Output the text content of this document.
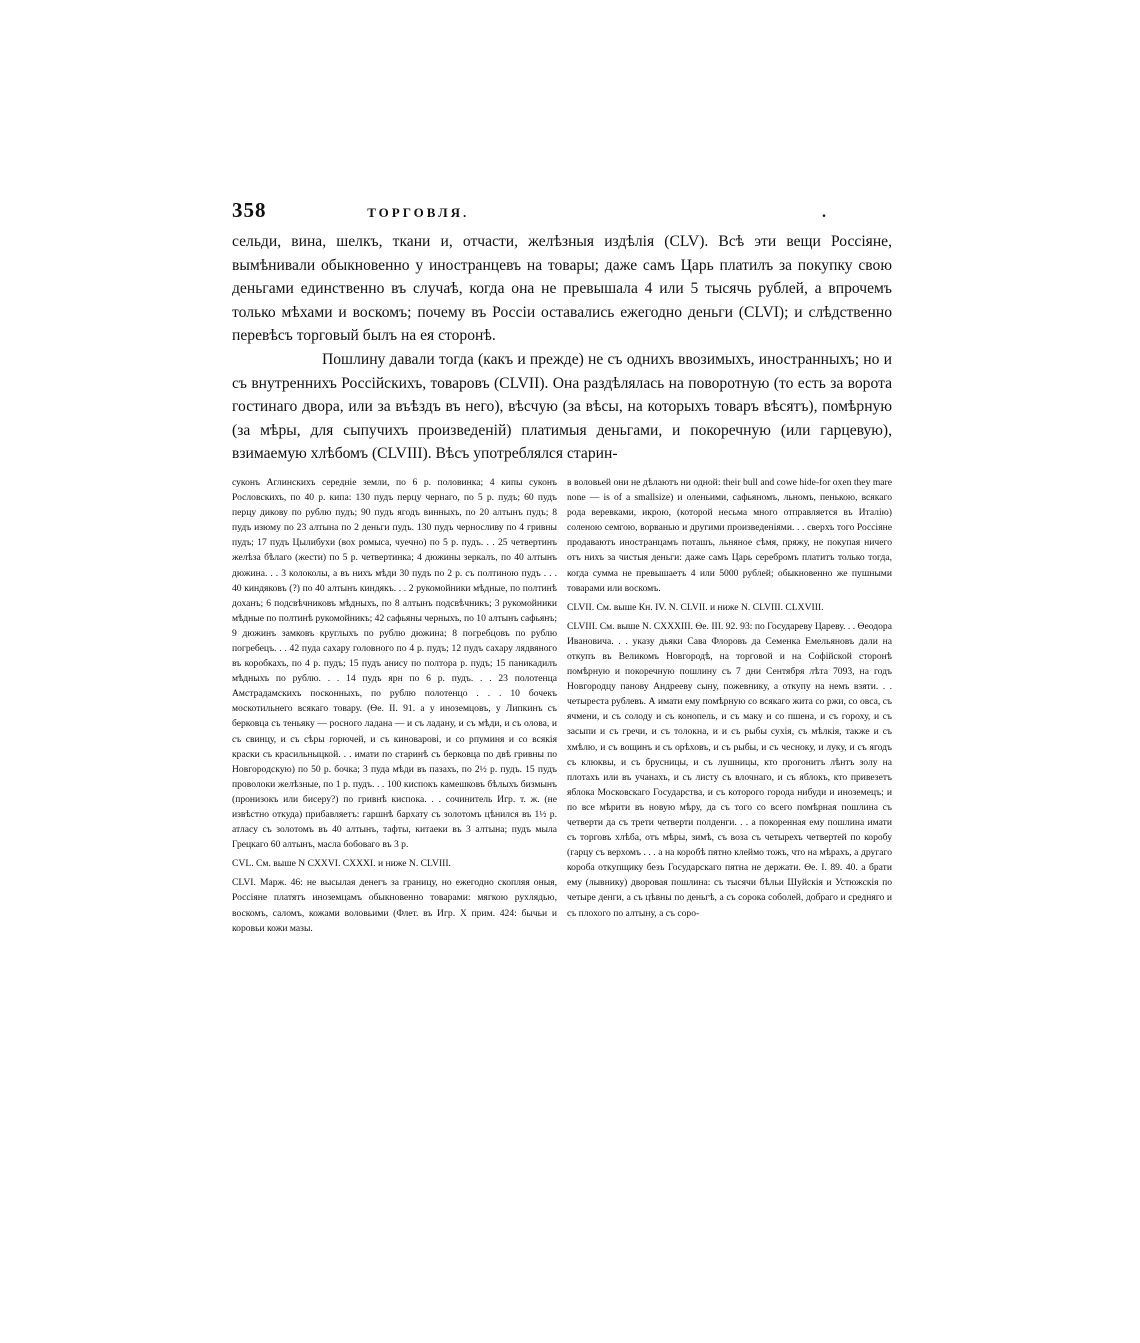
358	ТОРГОВЛЯ.	.

сельди, вина, шелкъ, ткани и, отчасти, желѣзныя издѣлія (CLV). Всѣ эти вещи Россіяне, вымѣнивали обыкновенно у иностранцевъ на товары; даже самъ Царь платилъ за покупку свою деньгами единственно въ случаѣ, когда она не превышала 4 или 5 тысячь рублей, а впрочемъ только мѣхами и воскомъ; почему въ Россіи оставались ежегодно деньги (CLVI); и слѣдственно перевѣсъ торговый былъ на ея сторонѣ.

Пошлину давали тогда (какъ и прежде) не съ однихъ ввозимыхъ, иностранныхъ; но и съ внутреннихъ Россійскихъ, товаровъ (CLVII). Она раздѣлялась на поворотную (то есть за ворота гостинаго двора, или за въѣздъ въ него), вѣсчую (за вѣсы, на которыхъ товаръ вѣсятъ), помѣрную (за мѣры, для сыпучихъ произведеній) платимыя деньгами, и покоречную (или гарцевую), взимаемую хлѣбомъ (CLVIII). Вѣсъ употреблялся старин-

суконъ Аглинскихъ середніе земли, по 6 р. половинка; 4 кипы суконъ Рословскихъ, по 40 р. кипа: 130 пудъ перцу чернаго, по 5 р. пудъ; 60 пудъ перцу дикову по рублю пудъ; 90 пудъ ягодъ винныхъ, по 20 алтынъ пудъ; 8 пудъ изюму по 23 алтына по 2 деньги пудъ. 130 пудъ черносливу по 4 гривны пудъ; 17 пудъ Цылибухи (вох ромыса, чуечно) по 5 р. пудъ. . . 25 четвертинъ желѣза бѣлаго (жести) по 5 р. четвертинка; 4 дюжины зеркалъ, по 40 алтынъ дюжина. . . 3 колоколы, а въ нихъ мѣди 30 пудъ по 2 р. съ полтиною пудъ . . . 40 киндяковъ (?) по 40 алтынъ киндякъ. . . 2 рукомойники мѣдные, по полтинѣ доханъ; 6 подсвѣчниковъ мѣдныхъ, по 8 алтынъ подсвѣчникъ; 3 рукомойники мѣдные по полтинѣ рукомойникъ; 42 сафьяны черныхъ, по 10 алтынъ сафьянъ; 9 дюжинъ замковъ круглыхъ по рублю дюжина; 8 погребцовъ по рублю погребецъ. . . 42 пуда сахару головного по 4 р. пудъ; 12 пудъ сахару лядвяного въ коробкахъ, по 4 р. пудъ; 15 пудъ анису по полтора р. пудъ; 15 паникадилъ мѣдныхъ по рублю. . . 14 пудъ ярн по 6 р. пудъ. . . 23 полотенца Амстрадамскихъ посконныхъ, по рублю полотенцо . . . 10 бочекъ москотильнего всякаго товару. (Ѳе. II. 91. а у иноземцовъ, у Липкинъ съ берковца съ теньяку — росного ладана — и съ ладану, и съ мѣди, и съ олова, и съ свинцу, и съ сѣры горючей, и съ киноварові, и со рпуминя и со всякія краски съ красильныцкой. . . имати по старинѣ съ берковца по двѣ гривны по Новгородскую) по 50 р. бочка; 3 пуда мѣди въ пазахъ, по 2½ р. пудъ. 15 пудъ проволоки желѣзные, по 1 р. пудъ. . . 100 киспокъ камешковъ бѣлыхъ бизмынъ (пронизокъ или бисеру?) по гривнѣ киспока. . . сочинитель Игр. т. ж. (не извѣстно откуда) прибавляетъ: гаршнѣ бархату съ золотомъ цѣнился въ 1½ р. атласу съ золотомъ въ 40 алтынъ, тафты, китаеки въ 3 алтына; пудъ мыла Грецкаго 60 алтынъ, масла бобоваго въ 3 р.

CVL. См. выше N CXXVI. CXXXI. и ниже N. CLVIII.

CLVI. Марж. 46: не высылая денегъ за границу, но ежегодно скопляя оныя, Россіяне платятъ иноземцамъ обыкновенно товарами: мягкою рухлядью, воскомъ, саломъ, кожами воловьими (Флет. въ Игр. X прим. 424: бычьи и коровьи кожи мазы.

в воловьей они не дѣлаютъ ни одной: their bull and cowe hide-for oxen they mare none — is of a smallsize) и оленьими, сафьяномъ, льномъ, пенькою, всякаго рода веревками, икрою, (которой несьма много отправляется въ Италію) соленою семгою, ворванью и другими произведеніями. . . сверхъ того Россіяне продаваютъ иностранцамъ поташъ, льняное сѣмя, пряжу, не покупая ничего отъ нихъ за чистыя деньги: даже самъ Царь серебромъ платитъ только тогда, когда сумма не превышаетъ 4 или 5000 рублей; обыкновенно же пушными товарами или воскомъ.

CLVII. См. выше Кн. IV. N. CLVII. и ниже N. CLVIII. CLXVIII.

CLVIII. См. выше N. CXXXIII. Ѳе. III. 92. 93: по Государеву Цареву. . . Ѳеодора Ивановича. . . указу дьяки Сава Флоровъ да Семенка Емельяновъ дали на откупъ въ Великомъ Новгородѣ, на торговой и на Софійской сторонѣ помѣрную и покоречную пошлину съ 7 дни Сентября лѣта 7093, на годъ Новгородцу панову Андрееву сыну, пожевнику, а откупу на немъ взяти. . . четыреста рублевъ. А имати ему помѣрную со всякаго жита со ржи, со овса, съ ячмени, и съ солоду и съ конопель, и съ маку и со пшена, и съ гороху, и съ засыпи и съ гречи, и съ толокна, и и съ рыбы сухія, съ мѣлкія, также и съ хмѣлю, и съ вощинъ и съ орѣховъ, и съ рыбы, и съ чесноку, и луку, и съ ягодъ съ клюквы, и съ брусницы, и съ лушницы, кто прогонитъ лѣнтъ золу на плотахъ или въ учанахъ, и съ листу съ влочнаго, и съ яблокъ, кто привезетъ яблока Московскаго Государства, и съ которого города нибуди и иноземецъ; и по все мѣрити въ новую мѣру, да съ того со всего помѣрная пошлина съ четверти да съ трети четверти полденги. . . а покоренная ему пошлина имати съ торговъ хлѣба, отъ мѣры, зимѣ, съ воза съ четырехъ четвертей по коробу (гарцу съ верхомъ . . . а на коробѣ пятно клеймо тожъ, что на мѣрахъ, а другаго короба откупщику безъ Государскаго пятна не держати. Ѳе. I. 89. 40. а брати ему (лывнику) дворовая пошлина: съ тысячи бѣльи Шуйскія и Устюжскія по четыре денги, а съ цѣвны по деньгѣ, а съ сорока соболей, добраго и средняго и съ плохого по алтыну, а съ соро-
